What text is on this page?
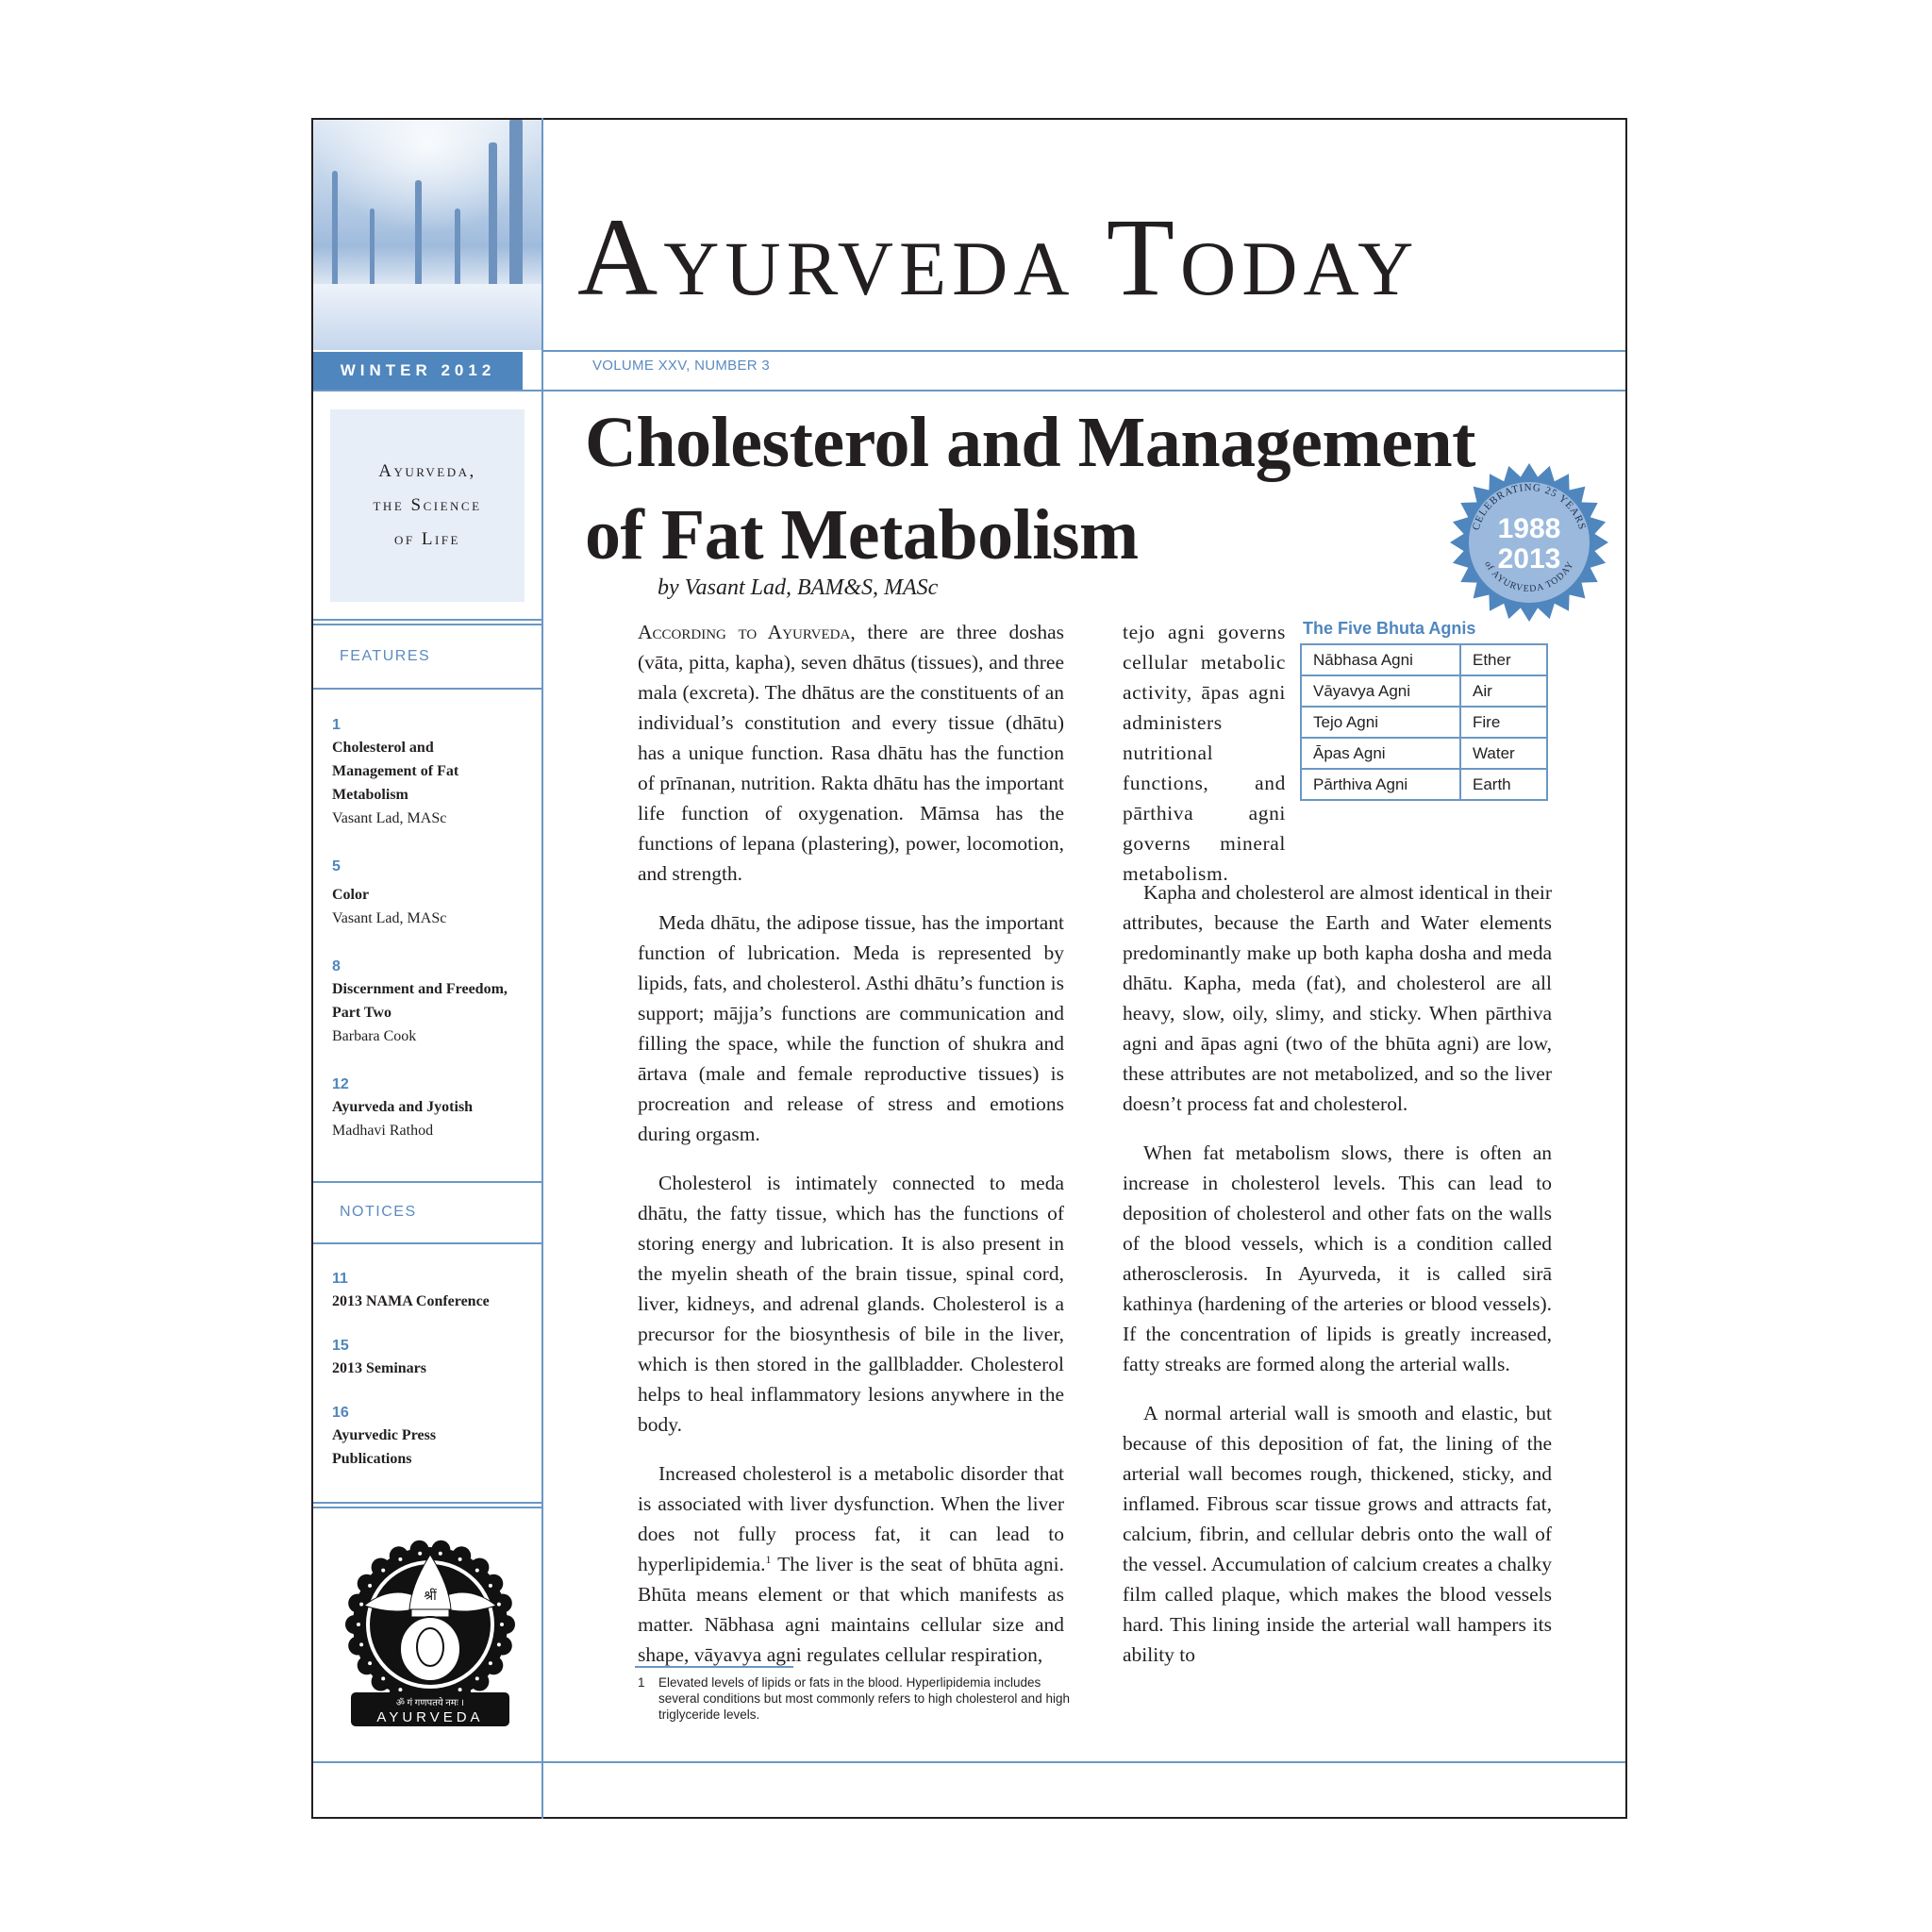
WINTER 2012	VOLUME XXV, NUMBER 3
AYURVEDA TODAY
Ayurveda,
the Science
of Life
FEATURES
1
Cholesterol and Management of Fat Metabolism
Vasant Lad, MASc
5
Color
Vasant Lad, MASc
8
Discernment and Freedom, Part Two
Barbara Cook
12
Ayurveda and Jyotish
Madhavi Rathod
NOTICES
11
2013 NAMA Conference
15
2013 Seminars
16
Ayurvedic Press Publications
श्रीं
ॐ गं गणपतये नमः ।
AYURVEDA
Cholesterol and Management
of Fat Metabolism
by Vasant Lad, BAM&S, MASc
CELEBRATING 25 YEARS
1988
2013
of AYURVEDA TODAY

According to Ayurveda, there are three doshas (vāta, pitta, kapha), seven dhātus (tissues), and three mala (excreta). The dhātus are the constituents of an individual’s constitution and every tissue (dhātu) has a unique function. Rasa dhātu has the function of prīnanan, nutrition. Rakta dhātu has the important life function of oxygenation. Māmsa has the functions of lepana (plastering), power, locomotion, and strength.

Meda dhātu, the adipose tissue, has the important function of lubrication. Meda is represented by lipids, fats, and cholesterol. Asthi dhātu’s function is support; mājja’s functions are communication and filling the space, while the function of shukra and ārtava (male and female reproductive tissues) is procreation and release of stress and emotions during orgasm.

Cholesterol is intimately connected to meda dhātu, the fatty tissue, which has the functions of storing energy and lubrication. It is also present in the myelin sheath of the brain tissue, spinal cord, liver, kidneys, and adrenal glands. Cholesterol is a precursor for the biosynthesis of bile in the liver, which is then stored in the gallbladder. Cholesterol helps to heal inflammatory lesions anywhere in the body.

Increased cholesterol is a metabolic disorder that is associated with liver dysfunction. When the liver does not fully process fat, it can lead to hyperlipidemia.$^1$ The liver is the seat of bhūta agni. Bhūta means element or that which manifests as matter. Nābhasa agni maintains cellular size and shape, vāyavya agni regulates cellular respiration,

tejo agni governs cellular metabolic activity, āpas agni administers nutritional functions, and pārthiva agni governs mineral metabolism.

The Five Bhuta Agnis
Nābhasa Agni	Ether
Vāyavya Agni	Air
Tejo Agni	Fire
Āpas Agni	Water
Pārthiva Agni	Earth

Kapha and cholesterol are almost identical in their attributes, because the Earth and Water elements predominantly make up both kapha dosha and meda dhātu. Kapha, meda (fat), and cholesterol are all heavy, slow, oily, slimy, and sticky. When pārthiva agni and āpas agni (two of the bhūta agni) are low, these attributes are not metabolized, and so the liver doesn’t process fat and cholesterol.

When fat metabolism slows, there is often an increase in cholesterol levels. This can lead to deposition of cholesterol and other fats on the walls of the blood vessels, which is a condition called atherosclerosis. In Ayurveda, it is called sirā kathinya (hardening of the arteries or blood vessels). If the concentration of lipids is greatly increased, fatty streaks are formed along the arterial walls.

A normal arterial wall is smooth and elastic, but because of this deposition of fat, the lining of the arterial wall becomes rough, thickened, sticky, and inflamed. Fibrous scar tissue grows and attracts fat, calcium, fibrin, and cellular debris onto the wall of the vessel. Accumulation of calcium creates a chalky film called plaque, which makes the blood vessels hard. This lining inside the arterial wall hampers its ability to

1	Elevated levels of lipids or fats in the blood. Hyperlipidemia includes several conditions but most commonly refers to high cholesterol and high triglyceride levels.
